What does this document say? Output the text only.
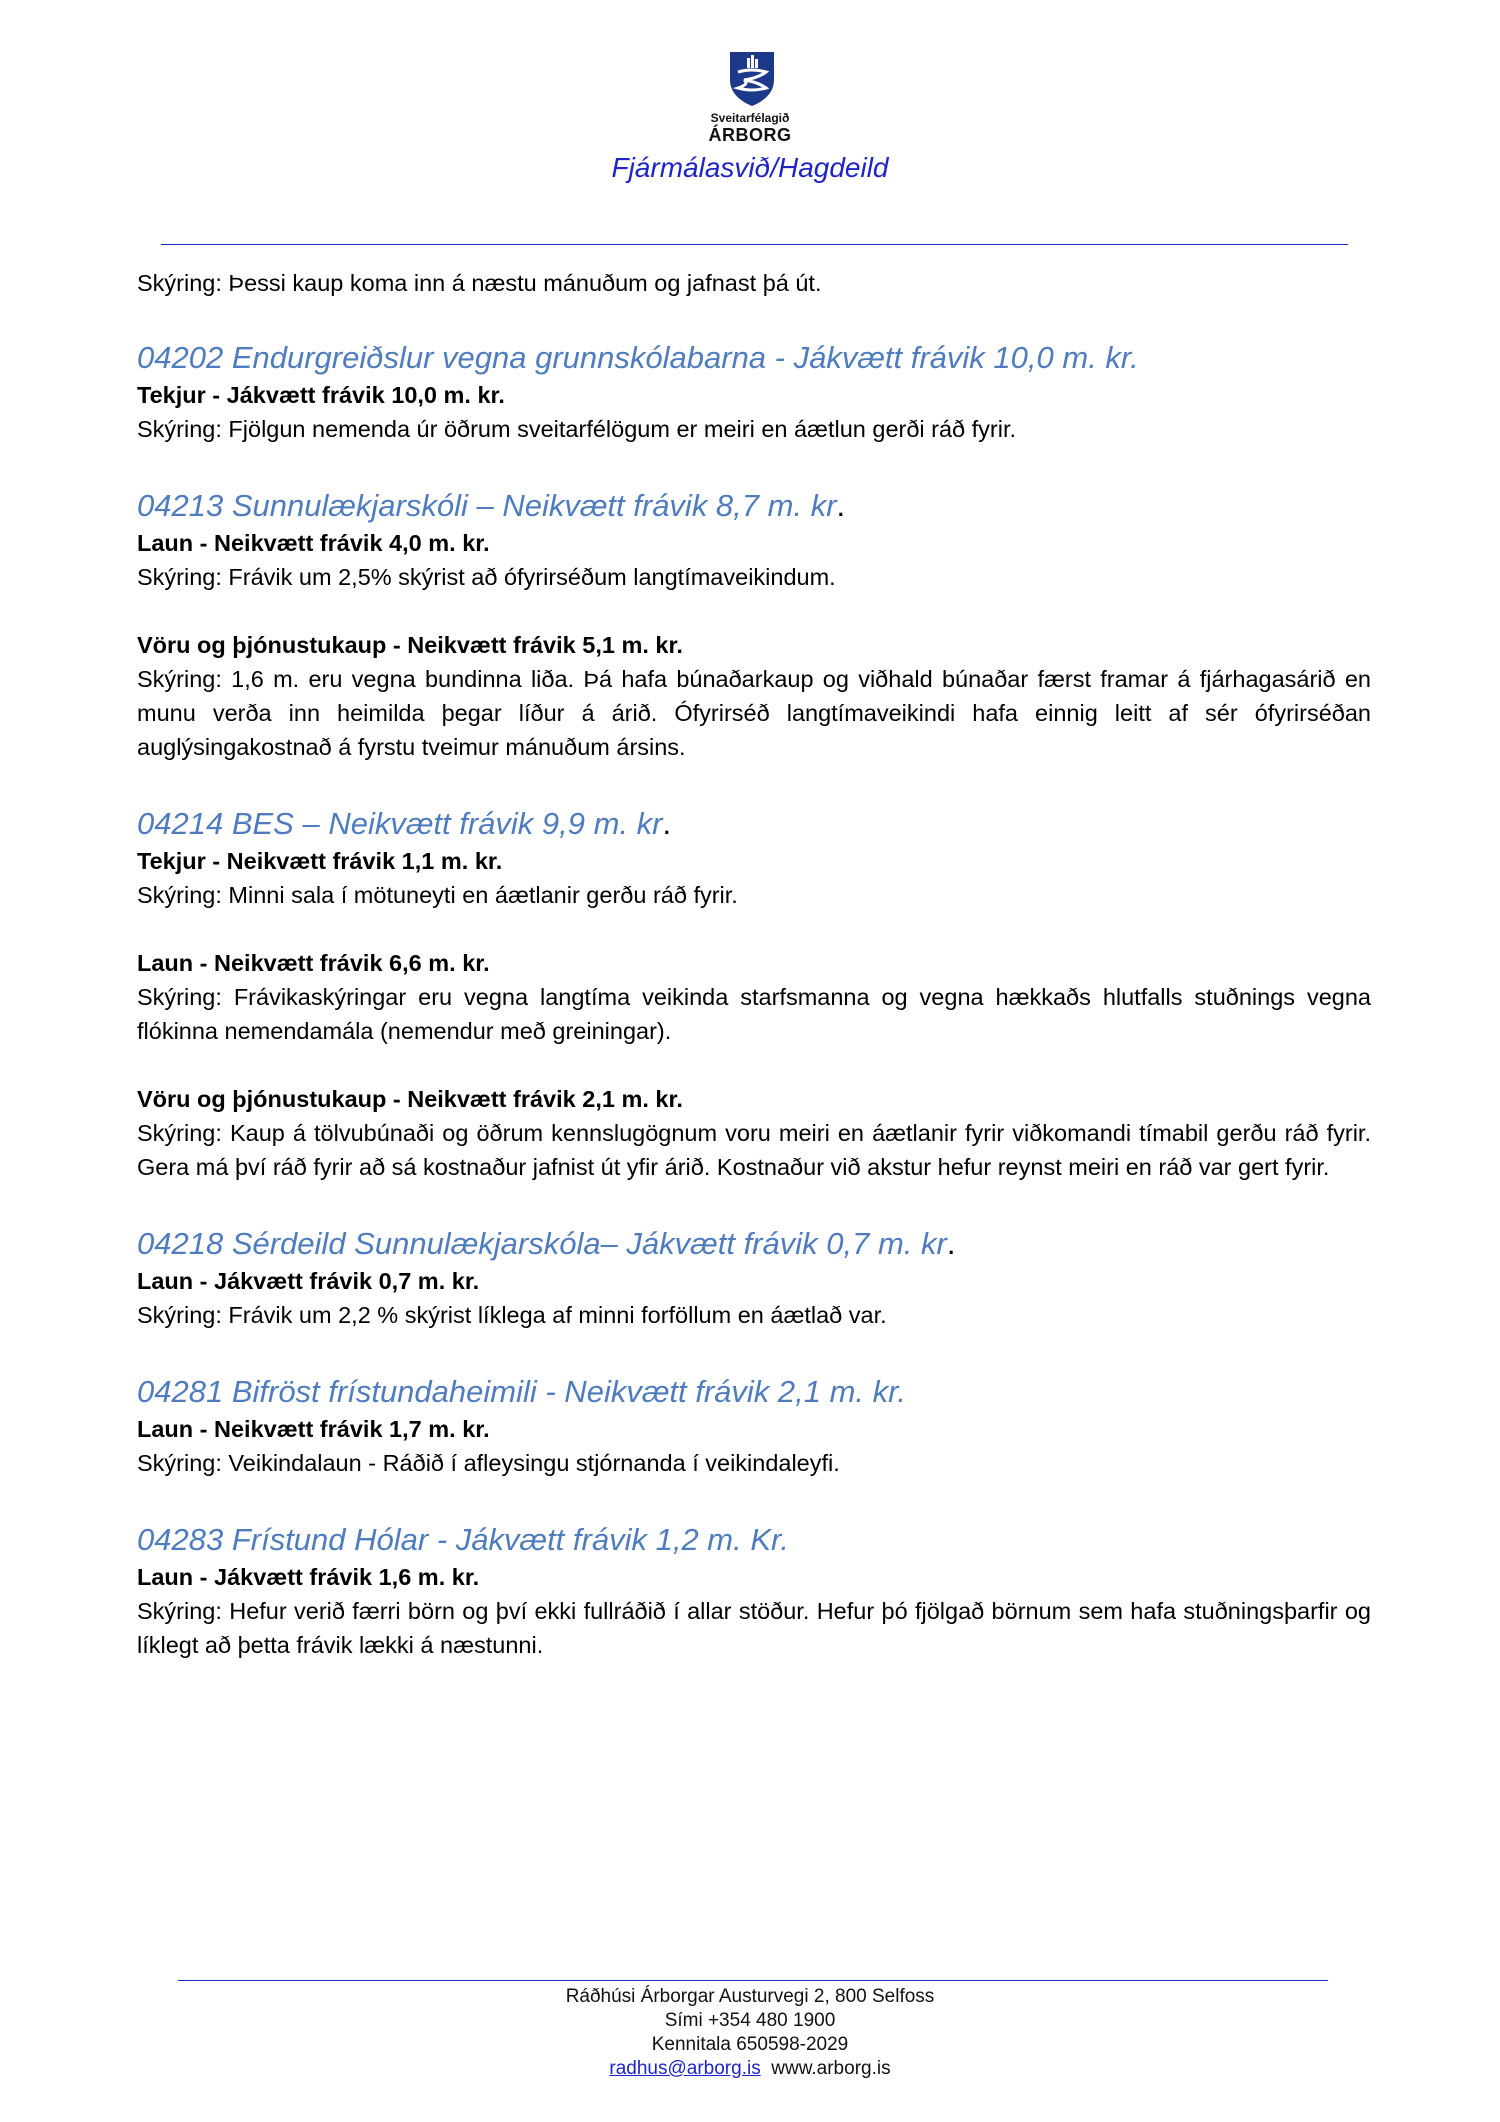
Sveitarfélagið
ÁRBORG
Fjármálasvið/Hagdeild

Skýring: Þessi kaup koma inn á næstu mánuðum og jafnast þá út.

04202 Endurgreiðslur vegna grunnskólabarna - Jákvætt frávik 10,0 m. kr.

Tekjur - Jákvætt frávik 10,0 m. kr.

Skýring: Fjölgun nemenda úr öðrum sveitarfélögum er meiri en áætlun gerði ráð fyrir.

04213 Sunnulækjarskóli – Neikvætt frávik 8,7 m. kr.

Laun - Neikvætt frávik 4,0 m. kr.

Skýring: Frávik um 2,5% skýrist að ófyrirséðum langtímaveikindum.

Vöru og þjónustukaup - Neikvætt frávik 5,1 m. kr.

Skýring: 1,6 m. eru vegna bundinna liða. Þá hafa búnaðarkaup og viðhald búnaðar færst framar á fjárhagasárið en munu verða inn heimilda þegar líður á árið. Ófyrirséð langtímaveikindi hafa einnig leitt af sér ófyrirséðan auglýsingakostnað á fyrstu tveimur mánuðum ársins.

04214 BES – Neikvætt frávik 9,9 m. kr.

Tekjur - Neikvætt frávik 1,1 m. kr.

Skýring: Minni sala í mötuneyti en áætlanir gerðu ráð fyrir.

Laun - Neikvætt frávik 6,6 m. kr.

Skýring: Frávikaskýringar eru vegna langtíma veikinda starfsmanna og vegna hækkaðs hlutfalls stuðnings vegna flókinna nemendamála (nemendur með greiningar).

Vöru og þjónustukaup - Neikvætt frávik 2,1 m. kr.

Skýring: Kaup á tölvubúnaði og öðrum kennslugögnum voru meiri en áætlanir fyrir viðkomandi tímabil gerðu ráð fyrir. Gera má því ráð fyrir að sá kostnaður jafnist út yfir árið. Kostnaður við akstur hefur reynst meiri en ráð var gert fyrir.

04218 Sérdeild Sunnulækjarskóla– Jákvætt frávik 0,7 m. kr.

Laun - Jákvætt frávik 0,7 m. kr.

Skýring: Frávik um 2,2 % skýrist líklega af minni forföllum en áætlað var.

04281 Bifröst frístundaheimili - Neikvætt frávik 2,1 m. kr.

Laun - Neikvætt frávik 1,7 m. kr.

Skýring: Veikindalaun - Ráðið í afleysingu stjórnanda í veikindaleyfi.

04283 Frístund Hólar - Jákvætt frávik 1,2 m. Kr.

Laun - Jákvætt frávik 1,6 m. kr.

Skýring: Hefur verið færri börn og því ekki fullráðið í allar stöður. Hefur þó fjölgað börnum sem hafa stuðningsþarfir og líklegt að þetta frávik lækki á næstunni.

Ráðhúsi Árborgar Austurvegi 2, 800 Selfoss
Sími +354 480 1900
Kennitala 650598-2029
radhus@arborg.is www.arborg.is
